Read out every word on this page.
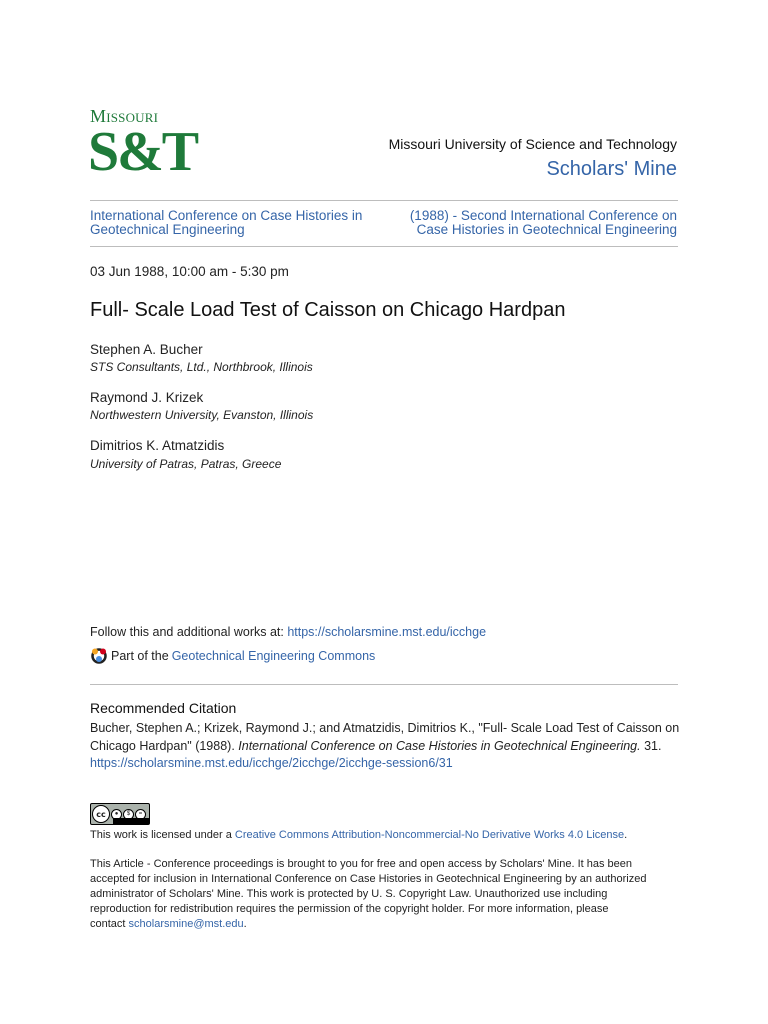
Missouri
S&T	Missouri University of Science and Technology
Scholars' Mine
International Conference on Case Histories in
Geotechnical Engineering
(1988) - Second International Conference on
Case Histories in Geotechnical Engineering
03 Jun 1988, 10:00 am - 5:30 pm
Full- Scale Load Test of Caisson on Chicago Hardpan
Stephen A. Bucher
STS Consultants, Ltd., Northbrook, Illinois
Raymond J. Krizek
Northwestern University, Evanston, Illinois
Dimitrios K. Atmatzidis
University of Patras, Patras, Greece
Follow this and additional works at: https://scholarsmine.mst.edu/icchge
Part of the Geotechnical Engineering Commons
Recommended Citation
Bucher, Stephen A.; Krizek, Raymond J.; and Atmatzidis, Dimitrios K., "Full- Scale Load Test of Caisson on
Chicago Hardpan" (1988). International Conference on Case Histories in Geotechnical Engineering. 31.
https://scholarsmine.mst.edu/icchge/2icchge/2icchge-session6/31
cc	●	$	=
This work is licensed under a Creative Commons Attribution-Noncommercial-No Derivative Works 4.0 License.
This Article - Conference proceedings is brought to you for free and open access by Scholars' Mine. It has been
accepted for inclusion in International Conference on Case Histories in Geotechnical Engineering by an authorized
administrator of Scholars' Mine. This work is protected by U. S. Copyright Law. Unauthorized use including
reproduction for redistribution requires the permission of the copyright holder. For more information, please
contact scholarsmine@mst.edu.
